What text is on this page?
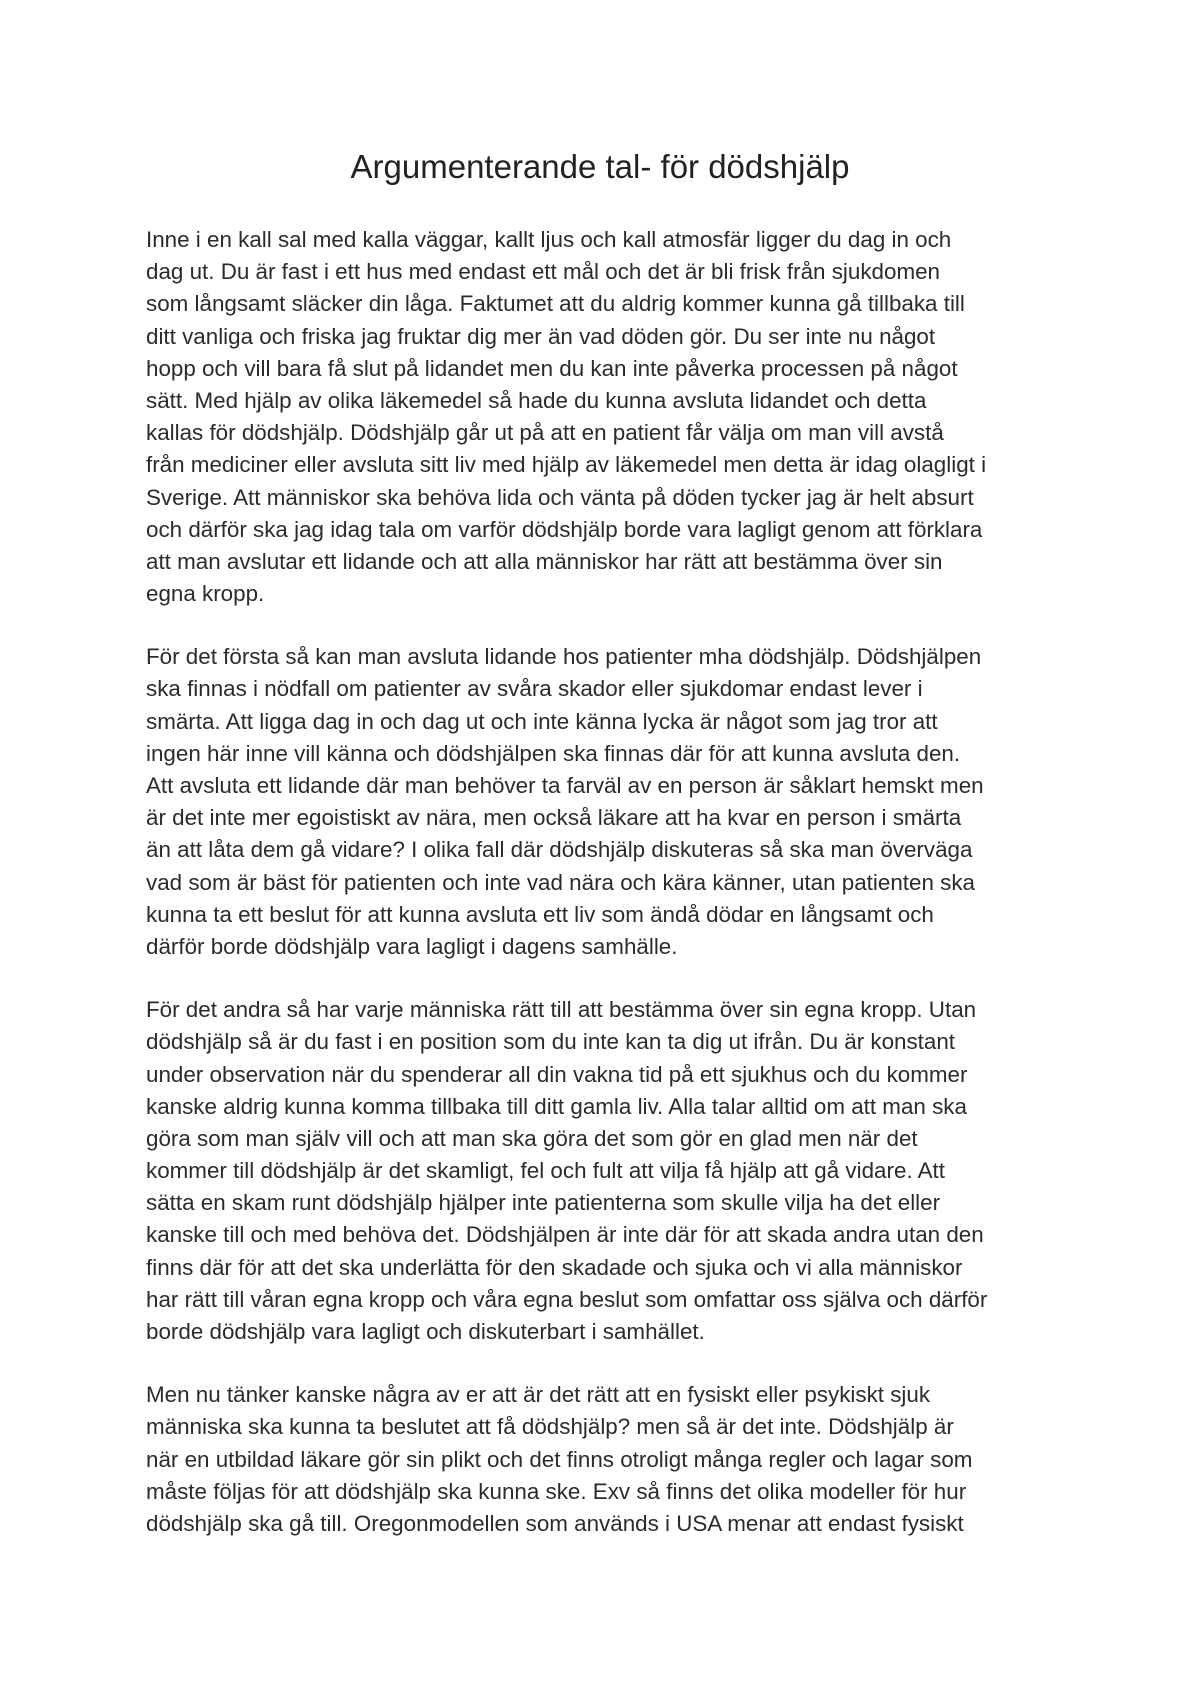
Argumenterande tal- för dödshjälp
Inne i en kall sal med kalla väggar, kallt ljus och kall atmosfär ligger du dag in och
dag ut. Du är fast i ett hus med endast ett mål och det är bli frisk från sjukdomen
som långsamt släcker din låga. Faktumet att du aldrig kommer kunna gå tillbaka till
ditt vanliga och friska jag fruktar dig mer än vad döden gör. Du ser inte nu något
hopp och vill bara få slut på lidandet men du kan inte påverka processen på något
sätt. Med hjälp av olika läkemedel så hade du kunna avsluta lidandet och detta
kallas för dödshjälp. Dödshjälp går ut på att en patient får välja om man vill avstå
från mediciner eller avsluta sitt liv med hjälp av läkemedel men detta är idag olagligt i
Sverige. Att människor ska behöva lida och vänta på döden tycker jag är helt absurt
och därför ska jag idag tala om varför dödshjälp borde vara lagligt genom att förklara
att man avslutar ett lidande och att alla människor har rätt att bestämma över sin
egna kropp.
För det första så kan man avsluta lidande hos patienter mha dödshjälp. Dödshjälpen
ska finnas i nödfall om patienter av svåra skador eller sjukdomar endast lever i
smärta. Att ligga dag in och dag ut och inte känna lycka är något som jag tror att
ingen här inne vill känna och dödshjälpen ska finnas där för att kunna avsluta den.
Att avsluta ett lidande där man behöver ta farväl av en person är såklart hemskt men
är det inte mer egoistiskt av nära, men också läkare att ha kvar en person i smärta
än att låta dem gå vidare? I olika fall där dödshjälp diskuteras så ska man överväga
vad som är bäst för patienten och inte vad nära och kära känner, utan patienten ska
kunna ta ett beslut för att kunna avsluta ett liv som ändå dödar en långsamt och
därför borde dödshjälp vara lagligt i dagens samhälle.
För det andra så har varje människa rätt till att bestämma över sin egna kropp. Utan
dödshjälp så är du fast i en position som du inte kan ta dig ut ifrån. Du är konstant
under observation när du spenderar all din vakna tid på ett sjukhus och du kommer
kanske aldrig kunna komma tillbaka till ditt gamla liv. Alla talar alltid om att man ska
göra som man själv vill och att man ska göra det som gör en glad men när det
kommer till dödshjälp är det skamligt, fel och fult att vilja få hjälp att gå vidare. Att
sätta en skam runt dödshjälp hjälper inte patienterna som skulle vilja ha det eller
kanske till och med behöva det. Dödshjälpen är inte där för att skada andra utan den
finns där för att det ska underlätta för den skadade och sjuka och vi alla människor
har rätt till våran egna kropp och våra egna beslut som omfattar oss själva och därför
borde dödshjälp vara lagligt och diskuterbart i samhället.
Men nu tänker kanske några av er att är det rätt att en fysiskt eller psykiskt sjuk
människa ska kunna ta beslutet att få dödshjälp? men så är det inte. Dödshjälp är
när en utbildad läkare gör sin plikt och det finns otroligt många regler och lagar som
måste följas för att dödshjälp ska kunna ske. Exv så finns det olika modeller för hur
dödshjälp ska gå till. Oregonmodellen som används i USA menar att endast fysiskt
